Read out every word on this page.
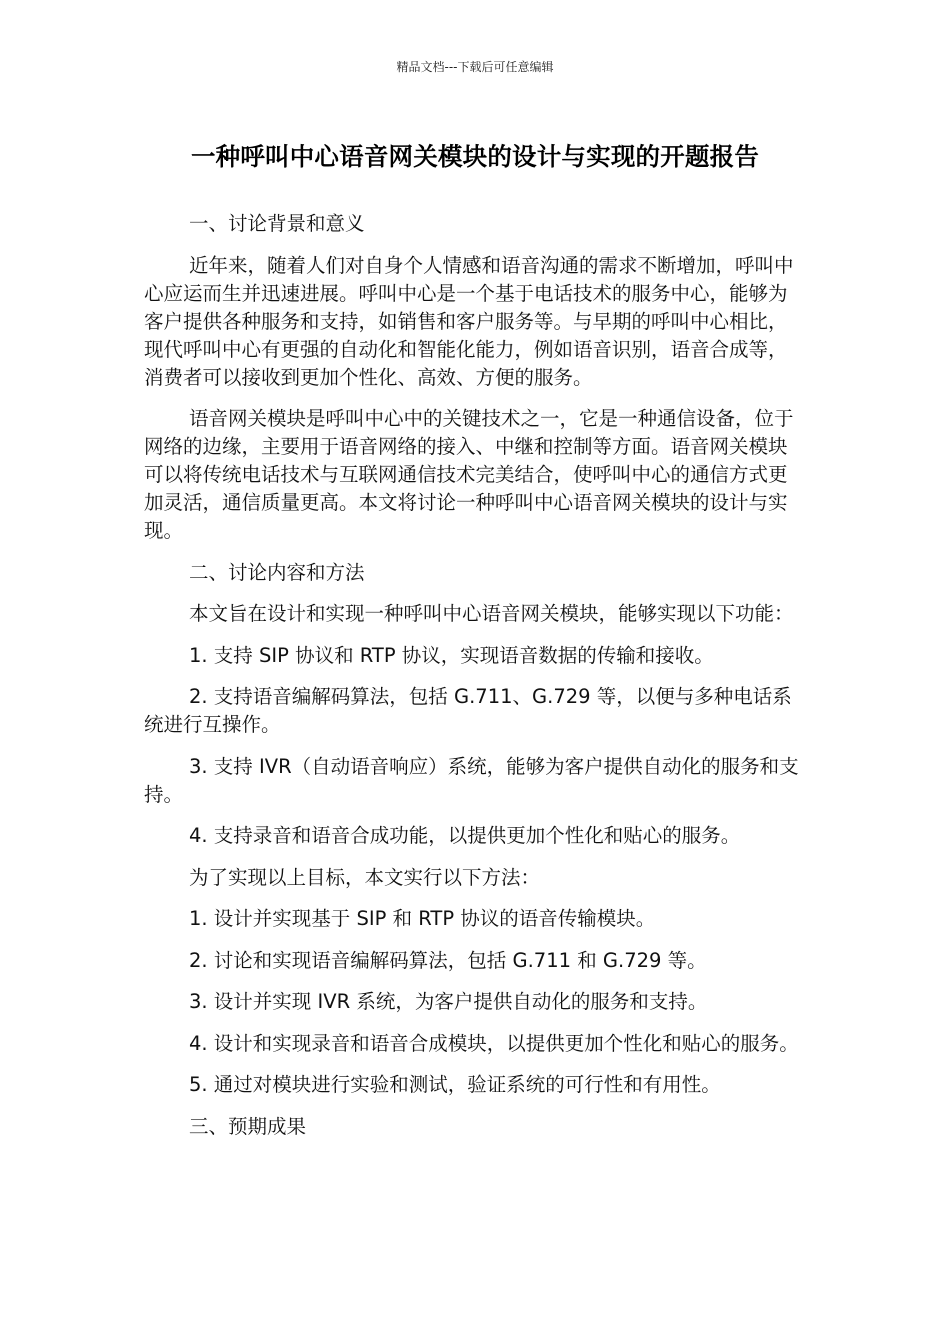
精品文档---下载后可任意编辑
一种呼叫中心语音网关模块的设计与实现的开题报告

一、讨论背景和意义

近年来，随着人们对自身个人情感和语音沟通的需求不断增加，呼叫中心应运而生并迅速进展。呼叫中心是一个基于电话技术的服务中心，能够为客户提供各种服务和支持，如销售和客户服务等。与早期的呼叫中心相比，现代呼叫中心有更强的自动化和智能化能力，例如语音识别，语音合成等，消费者可以接收到更加个性化、高效、方便的服务。

语音网关模块是呼叫中心中的关键技术之一，它是一种通信设备，位于网络的边缘，主要用于语音网络的接入、中继和控制等方面。语音网关模块可以将传统电话技术与互联网通信技术完美结合，使呼叫中心的通信方式更加灵活，通信质量更高。本文将讨论一种呼叫中心语音网关模块的设计与实现。

二、讨论内容和方法

本文旨在设计和实现一种呼叫中心语音网关模块，能够实现以下功能：

1. 支持 SIP 协议和 RTP 协议，实现语音数据的传输和接收。

2. 支持语音编解码算法，包括 G.711、G.729 等，以便与多种电话系统进行互操作。

3. 支持 IVR（自动语音响应）系统，能够为客户提供自动化的服务和支持。

4. 支持录音和语音合成功能，以提供更加个性化和贴心的服务。

为了实现以上目标，本文实行以下方法：

1. 设计并实现基于 SIP 和 RTP 协议的语音传输模块。

2. 讨论和实现语音编解码算法，包括 G.711 和 G.729 等。

3. 设计并实现 IVR 系统，为客户提供自动化的服务和支持。

4. 设计和实现录音和语音合成模块，以提供更加个性化和贴心的服务。

5. 通过对模块进行实验和测试，验证系统的可行性和有用性。

三、预期成果
